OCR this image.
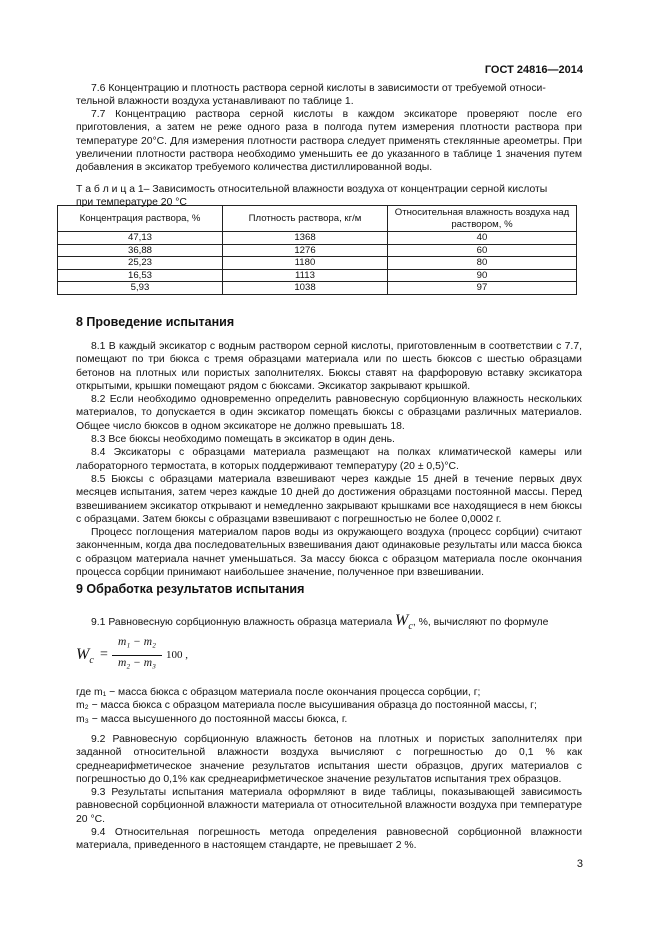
ГОСТ 24816—2014

7.6 Концентрацию и плотность раствора серной кислоты в зависимости от требуемой относи-

тельной влажности воздуха устанавливают по таблице 1.

7.7 Концентрацию раствора серной кислоты в каждом эксикаторе проверяют после его приготовления, а затем не реже одного раза в полгода путем измерения плотности раствора при температуре 20°С. Для измерения плотности раствора следует применять стеклянные ареометры. При увеличении плотности раствора необходимо уменьшить ее до указанного в таблице 1 значения путем добавления в эксикатор требуемого количества дистиллированной воды.

Т а б л и ц а 1– Зависимость относительной влажности воздуха от концентрации серной кислоты

при температуре 20 °С

Концентрация раствора, %	Плотность раствора, кг/м	Относительная влажность воздуха над раствором, %
47,13	1368	40
36,88	1276	60
25,23	1180	80
16,53	1113	90
5,93	1038	97
8 Проведение испытания

8.1 В каждый эксикатор с водным раствором серной кислоты, приготовленным в соответствии с 7.7, помещают по три бюкса с тремя образцами материала или по шесть бюксов с шестью образцами бетонов на плотных или пористых заполнителях. Бюксы ставят на фарфоровую вставку эксикатора открытыми, крышки помещают рядом с бюксами. Эксикатор закрывают крышкой.

8.2 Если необходимо одновременно определить равновесную сорбционную влажность нескольких материалов, то допускается в один эксикатор помещать бюксы с образцами различных материалов. Общее число бюксов в одном эксикаторе не должно превышать 18.

8.3 Все бюксы необходимо помещать в эксикатор в один день.

8.4 Эксикаторы с образцами материала размещают на полках климатической камеры или лабораторного термостата, в которых поддерживают температуру (20 ± 0,5)°С.

8.5 Бюксы с образцами материала взвешивают через каждые 15 дней в течение первых двух месяцев испытания, затем через каждые 10 дней до достижения образцами постоянной массы. Перед взвешиванием эксикатор открывают и немедленно закрывают крышками все находящиеся в нем бюксы с образцами. Затем бюксы с образцами взвешивают с погрешностью не более 0,0002 г.

Процесс поглощения материалом паров воды из окружающего воздуха (процесс сорбции) считают законченным, когда два последовательных взвешивания дают одинаковые результаты или масса бюкса с образцом материала начнет уменьшаться. За массу бюкса с образцом материала после окончания процесса сорбции принимают наибольшее значение, полученное при взвешивании.

9 Обработка результатов испытания

9.1 Равновесную сорбционную влажность образца материала $W_c$, %, вычисляют по формуле

$W_c$ =
m₁ − m₂
m₂ − m₃
100 ,

где m₁ − масса бюкса с образцом материала после окончания процесса сорбции, г;

m₂ − масса бюкса с образцом материала после высушивания образца до постоянной массы, г;

m₃ − масса высушенного до постоянной массы бюкса, г.

9.2 Равновесную сорбционную влажность бетонов на плотных и пористых заполнителях при заданной относительной влажности воздуха вычисляют с погрешностью до 0,1 % как среднеарифметическое значение результатов испытания шести образцов, других материалов с погрешностью до 0,1% как среднеарифметическое значение результатов испытания трех образцов.

9.3 Результаты испытания материала оформляют в виде таблицы, показывающей зависимость равновесной сорбционной влажности материала от относительной влажности воздуха при температуре 20 °С.

9.4 Относительная погрешность метода определения равновесной сорбционной влажности материала, приведенного в настоящем стандарте, не превышает 2 %.

3
